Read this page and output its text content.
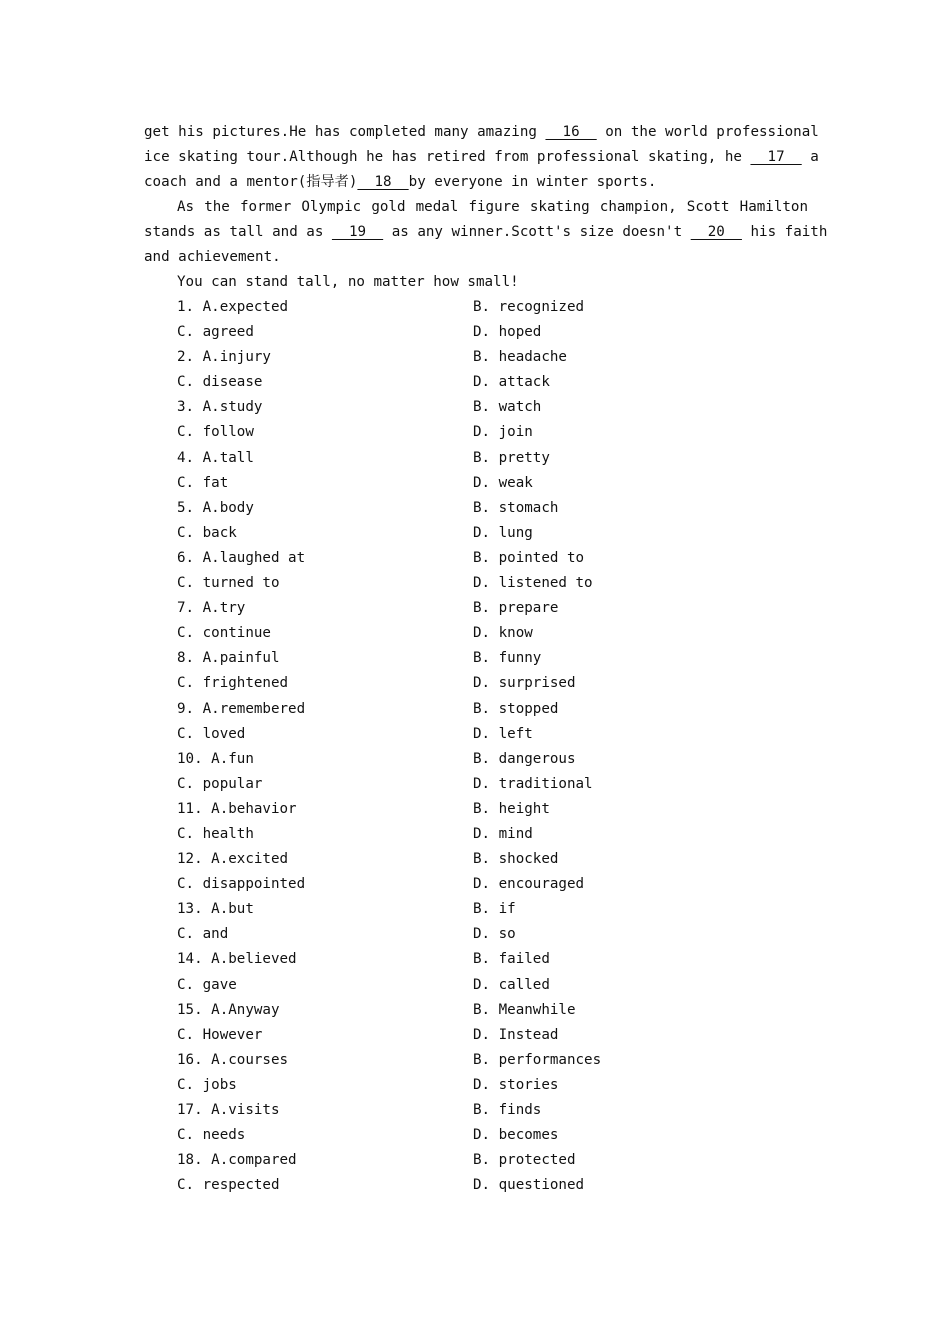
get his pictures.He has completed many amazing   16   on the world professional
ice skating tour.Although he has retired from professional skating, he   17   a
coach and a mentor(指导者)  18  by everyone in winter sports.
As the former Olympic gold medal figure skating champion, Scott Hamilton
stands as tall and as   19   as any winner.Scott's size doesn't   20   his faith
and achievement.
You can stand tall, no matter how small!
1. A.expected	B. recognized
C. agreed	D. hoped
2. A.injury	B. headache
C. disease	D. attack
3. A.study	B. watch
C. follow	D. join
4. A.tall	B. pretty
C. fat	D. weak
5. A.body	B. stomach
C. back	D. lung
6. A.laughed at	B. pointed to
C. turned to	D. listened to
7. A.try	B. prepare
C. continue	D. know
8. A.painful	B. funny
C. frightened	D. surprised
9. A.remembered	B. stopped
C. loved	D. left
10. A.fun	B. dangerous
C. popular	D. traditional
11. A.behavior	B. height
C. health	D. mind
12. A.excited	B. shocked
C. disappointed	D. encouraged
13. A.but	B. if
C. and	D. so
14. A.believed	B. failed
C. gave	D. called
15. A.Anyway	B. Meanwhile
C. However	D. Instead
16. A.courses	B. performances
C. jobs	D. stories
17. A.visits	B. finds
C. needs	D. becomes
18. A.compared	B. protected
C. respected	D. questioned
